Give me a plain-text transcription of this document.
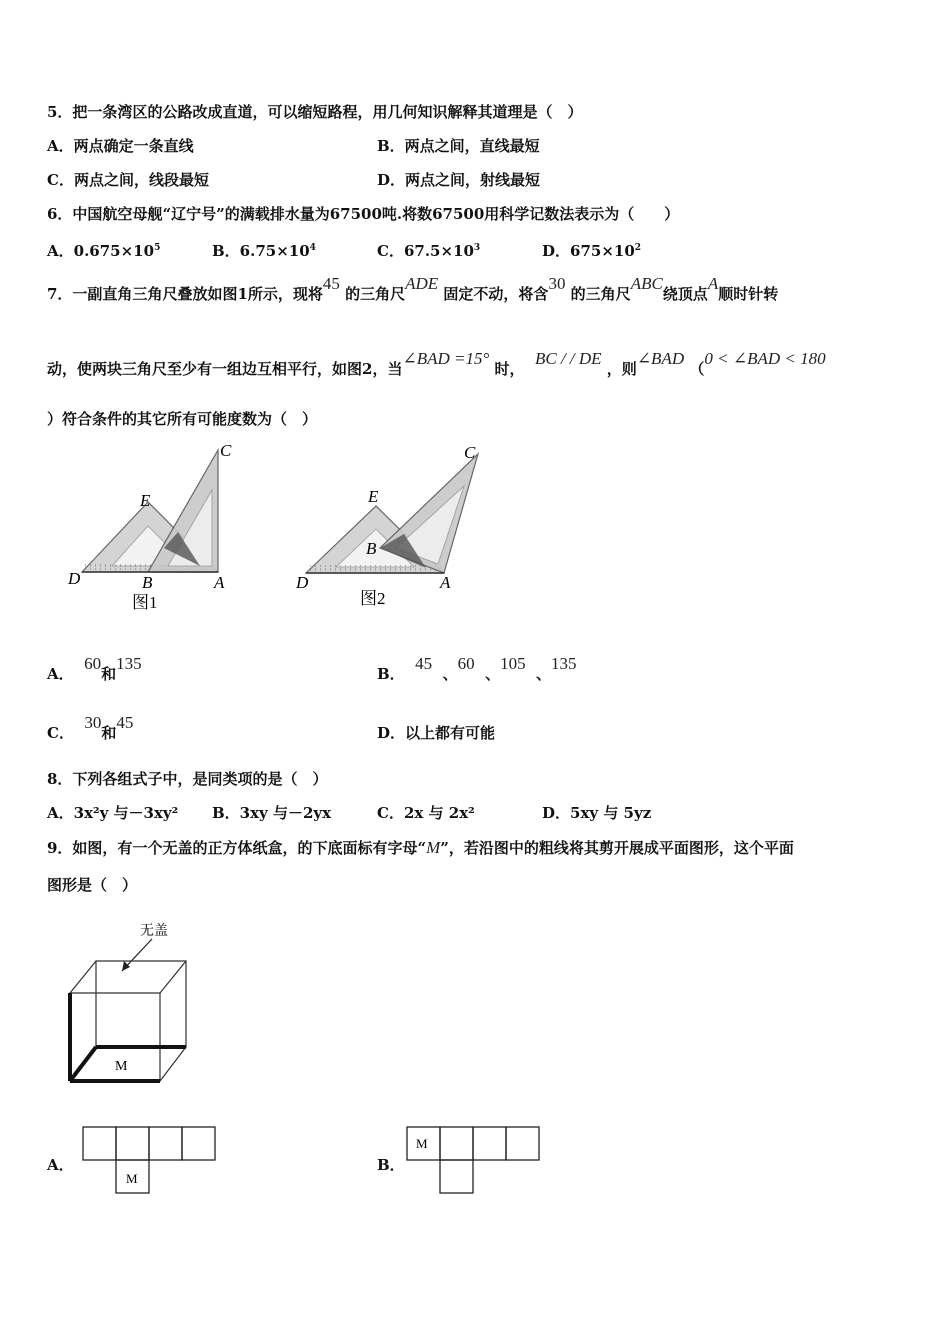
5．把一条湾区的公路改成直道，可以缩短路程，用几何知识解释其道理是（　）
A．两点确定一条直线	B．两点之间，直线最短
C．两点之间，线段最短	D．两点之间，射线最短
6．中国航空母舰“辽宁号”的满载排水量为67500吨.将数67500用科学记数法表示为（　　）
A．$0.675\times 10^5$	B．$6.75\times 10^4$	C．$67.5\times 10^3$	D．$675\times 10^2$
7．一副直角三角尺叠放如图1所示，现将45 的三角尺ADE 固定不动，将含30 的三角尺ABC绕顶点A顺时针转
动，使两块三角尺至少有一组边互相平行，如图2，当∠BAD =15° 时，  BC / / DE ，则∠BAD （0 < ∠BAD < 180
）符合条件的其它所有可能度数为（　）
D
E
B	A
C
图1
D
E
B
A
C
图2
A．  60和135
B．  45  、60  、105  、135
C．  30和45
D．以上都有可能
8．下列各组式子中，是同类项的是（　）
A．3x²y 与－3xy² B．3xy 与－2yx	C．2x 与 2x²	D．5xy 与 5yz
9．如图，有一个无盖的正方体纸盒，的下底面标有字母“M”，若沿图中的粗线将其剪开展成平面图形，这个平面
图形是（　）
无盖
M
A．
M
B．
M
